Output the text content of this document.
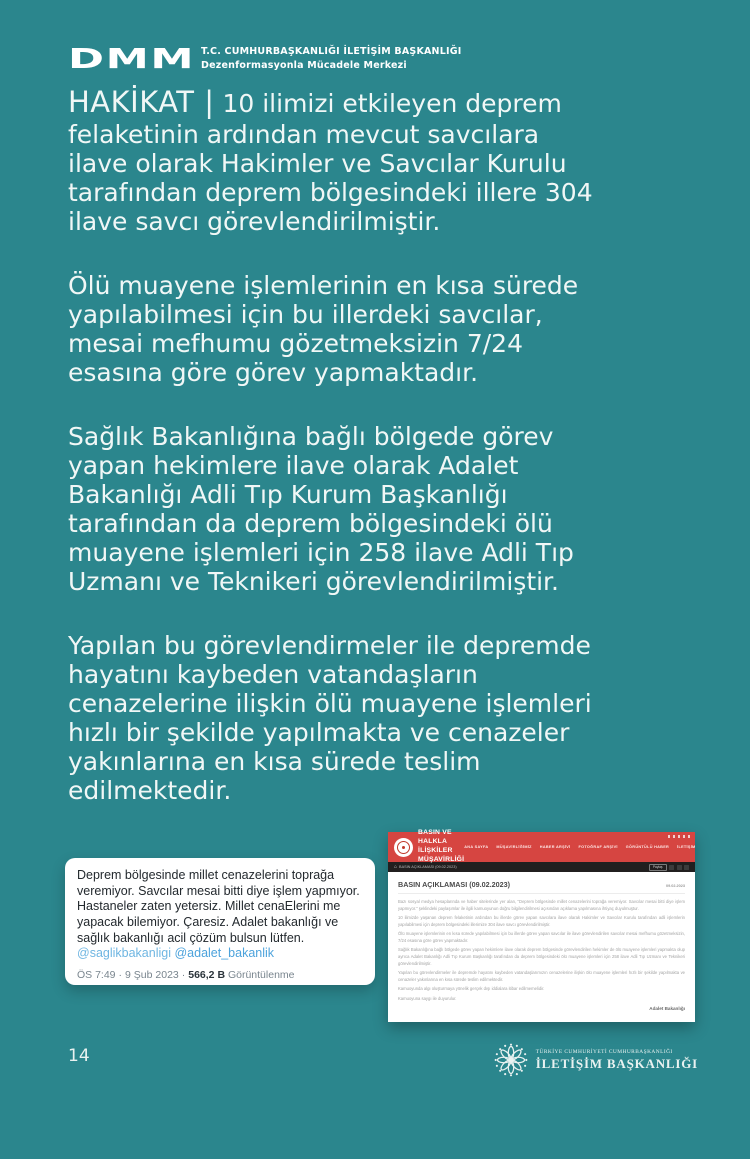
DMM T.C. CUMHURBAŞKANLIĞI İLETİŞİM BAŞKANLIĞI
Dezenformasyonla Mücadele Merkezi
HAKİKAT | 10 ilimizi etkileyen deprem
felaketinin ardından mevcut savcılara
ilave olarak Hakimler ve Savcılar Kurulu
tarafından deprem bölgesindeki illere 304
ilave savcı görevlendirilmiştir.
Ölü muayene işlemlerinin en kısa sürede
yapılabilmesi için bu illerdeki savcılar,
mesai mefhumu gözetmeksizin 7/24
esasına göre görev yapmaktadır.
Sağlık Bakanlığına bağlı bölgede görev
yapan hekimlere ilave olarak Adalet
Bakanlığı Adli Tıp Kurum Başkanlığı
tarafından da deprem bölgesindeki ölü
muayene işlemleri için 258 ilave Adli Tıp
Uzmanı ve Teknikeri görevlendirilmiştir.
Yapılan bu görevlendirmeler ile depremde
hayatını kaybeden vatandaşların
cenazelerine ilişkin ölü muayene işlemleri
hızlı bir şekilde yapılmakta ve cenazeler
yakınlarına en kısa sürede teslim
edilmektedir.
Deprem bölgesinde millet cenazelerini toprağa veremiyor. Savcılar mesai bitti diye işlem yapmıyor. Hastaneler zaten yetersiz. Millet cenaElerini me yapacak bilemiyor. Çaresiz. Adalet bakanlığı ve sağlık bakanlığı acil çözüm bulsun lütfen. @saglikbakanligi @adalet_bakanlik
ÖS 7:49 · 9 Şub 2023 · 566,2 B Görüntülenme
BASIN VE HALKLA İLİŞKİLER
MÜŞAVİRLİĞİ
ANA SAYFA MÜŞAVİRLİĞİMİZ HABER ARŞİVİ FOTOĞRAF ARŞİVİ GÖRÜNTÜLÜ HABER İLETİŞİM
⌂ BASIN AÇIKLAMASI (09.02.2023)	Paylaş
BASIN AÇIKLAMASI (09.02.2023)	09.02.2023

Bazı sosyal medya hesaplarında ve haber sitelerinde yer alan, "Deprem bölgesinde millet cenazelerini toprağa veremiyor. Savcılar mesai bitti diye işlem yapmıyor." şeklindeki paylaşımlar ile ilgili kamuoyunun doğru bilgilendirilmesi açısından açıklama yapılmasına ihtiyaç duyulmuştur.

10 ilimizde yaşanan deprem felaketinin ardından bu illerde görev yapan savcılara ilave olarak Hakimler ve Savcılar Kurulu tarafından adli işlemlerin yapılabilmesi için deprem bölgesindeki illerimize 304 ilave savcı görevlendirilmiştir.

Ölü muayene işlemlerinin en kısa sürede yapılabilmesi için bu illerde görev yapan savcılar ile ilave görevlendirilen savcılar mesai mefhumu gözetmeksizin, 7/24 esasına göre görev yapmaktadır.

Sağlık Bakanlığına bağlı bölgede görev yapan hekimlere ilave olarak deprem bölgesinde görevlendirilen hekimler de ölü muayene işlemleri yapmakta olup ayrıca Adalet Bakanlığı Adli Tıp Kurum Başkanlığı tarafından da deprem bölgesindeki ölü muayene işlemleri için 258 ilave Adli Tıp Uzmanı ve Teknikeri görevlendirilmiştir.

Yapılan bu görevlendirmeler ile depremde hayatını kaybeden vatandaşlarımızın cenazelerine ilişkin ölü muayene işlemleri hızlı bir şekilde yapılmakta ve cenazeler yakınlarına en kısa sürede teslim edilmektedir.

Kamuoyunda algı oluşturmaya yönelik gerçek dışı iddialara itibar edilmemelidir.

Kamuoyuna saygı ile duyurulur.

Adalet Bakanlığı
14	TÜRKİYE CUMHURİYETİ CUMHURBAŞKANLIĞI
İLETİŞİM BAŞKANLIĞI
